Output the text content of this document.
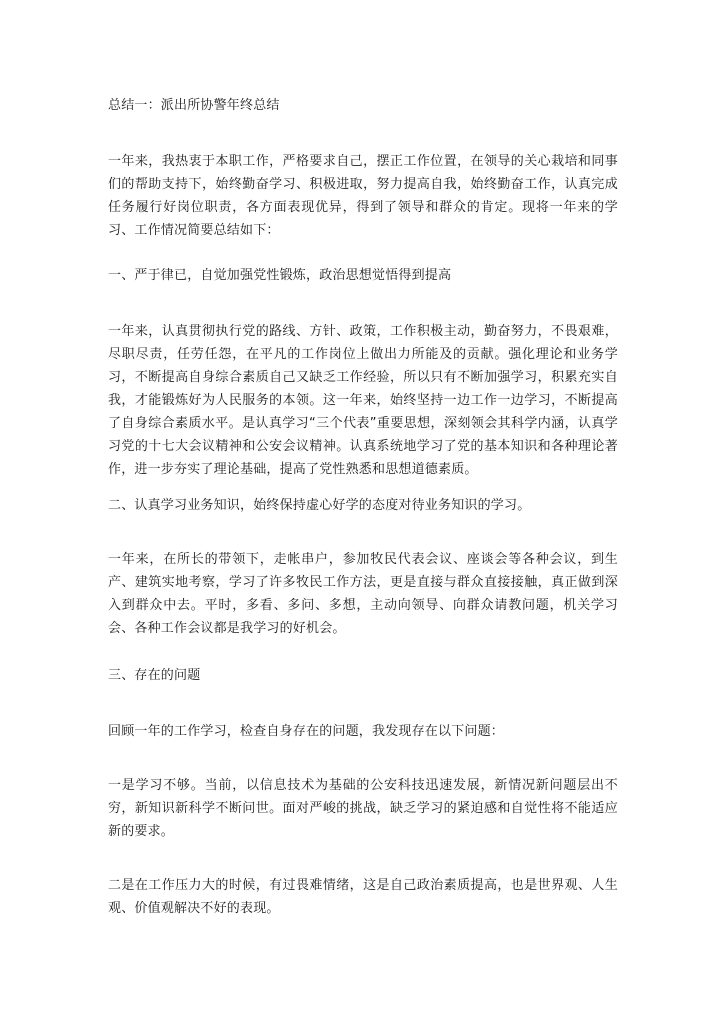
总结一：派出所协警年终总结

一年来，我热衷于本职工作，严格要求自己，摆正工作位置，在领导的关心栽培和同事们的帮助支持下，始终勤奋学习、积极进取，努力提高自我，始终勤奋工作，认真完成任务履行好岗位职责，各方面表现优异，得到了领导和群众的肯定。现将一年来的学习、工作情况简要总结如下：

一、严于律已，自觉加强党性锻炼，政治思想觉悟得到提高

一年来，认真贯彻执行党的路线、方针、政策，工作积极主动，勤奋努力，不畏艰难，尽职尽责，任劳任怨，在平凡的工作岗位上做出力所能及的贡献。强化理论和业务学习，不断提高自身综合素质自己又缺乏工作经验，所以只有不断加强学习，积累充实自我，才能锻炼好为人民服务的本领。这一年来，始终坚持一边工作一边学习，不断提高了自身综合素质水平。是认真学习“三个代表”重要思想，深刻领会其科学内涵，认真学习党的十七大会议精神和公安会议精神。认真系统地学习了党的基本知识和各种理论著作，进一步夯实了理论基础，提高了党性熟悉和思想道德素质。

二、认真学习业务知识，始终保持虚心好学的态度对待业务知识的学习。

一年来，在所长的带领下，走帐串户，参加牧民代表会议、座谈会等各种会议，到生产、建筑实地考察，学习了许多牧民工作方法，更是直接与群众直接接触，真正做到深入到群众中去。平时，多看、多问、多想，主动向领导、向群众请教问题，机关学习会、各种工作会议都是我学习的好机会。

三、存在的问题

回顾一年的工作学习，检查自身存在的问题，我发现存在以下问题：

一是学习不够。当前，以信息技术为基础的公安科技迅速发展，新情况新问题层出不穷，新知识新科学不断问世。面对严峻的挑战，缺乏学习的紧迫感和自觉性将不能适应新的要求。

二是在工作压力大的时候，有过畏难情绪，这是自己政治素质提高，也是世界观、人生观、价值观解决不好的表现。
